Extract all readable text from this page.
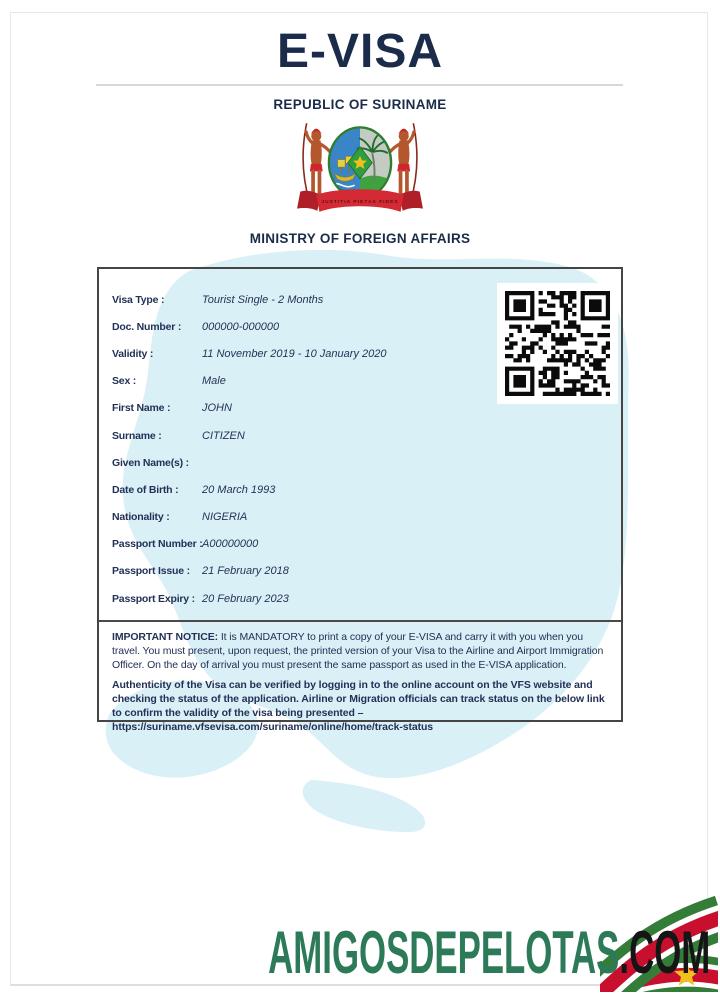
E-VISA
REPUBLIC OF SURINAME
JUSTITIA PIETAS FIDES
MINISTRY OF FOREIGN AFFAIRS
Visa Type :	Tourist Single - 2 Months
Doc. Number :	000000-000000
Validity :	11 November 2019 - 10 January 2020
Sex :	Male
First Name :	JOHN
Surname :	CITIZEN
Given Name(s) :
Date of Birth :	20 March 1993
Nationality :	NIGERIA
Passport Number : A00000000
Passport Issue :	21 February 2018
Passport Expiry : 20 February 2023

IMPORTANT NOTICE: It is MANDATORY to print a copy of your E-VISA and carry it with you when you travel. You must present, upon request, the printed version of your Visa to the Airline and Airport Immigration Officer. On the day of arrival you must present the same passport as used in the E-VISA application.

Authenticity of the Visa can be verified by logging in to the online account on the VFS website and checking the status of the application. Airline or Migration officials can track status on the below link to confirm the validity of the visa being presented – https://suriname.vfsevisa.com/suriname/online/home/track-status

AMIGOSDEPELOTAS.COM
